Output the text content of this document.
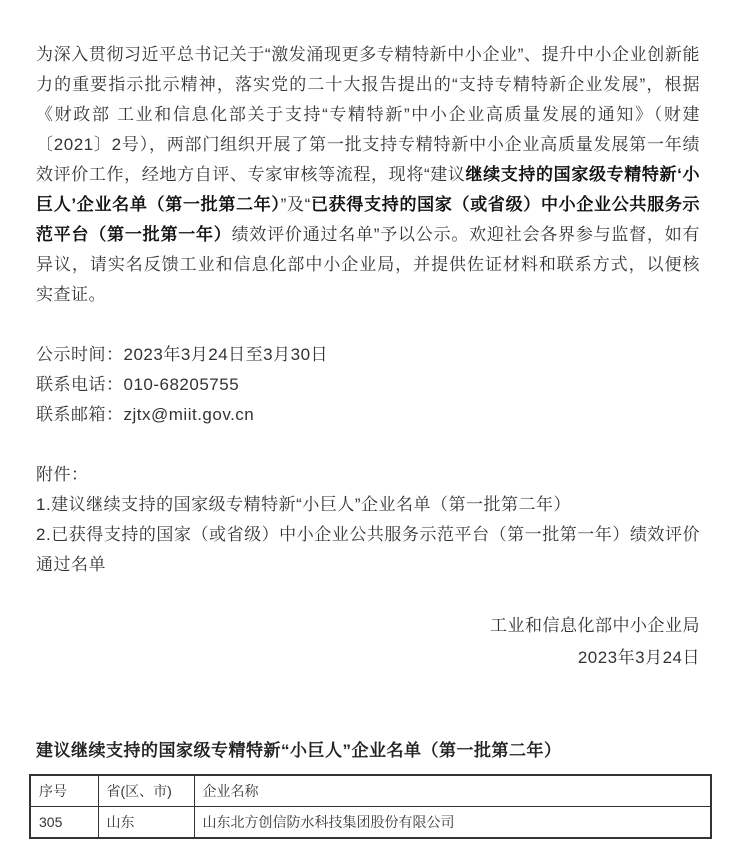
为深入贯彻习近平总书记关于“激发涌现更多专精特新中小企业”、提升中小企业创新能力的重要指示批示精神，落实党的二十大报告提出的“支持专精特新企业发展”，根据《财政部 工业和信息化部关于支持“专精特新”中小企业高质量发展的通知》（财建〔2021〕2号），两部门组织开展了第一批支持专精特新中小企业高质量发展第一年绩效评价工作，经地方自评、专家审核等流程，现将“建议继续支持的国家级专精特新‘小巨人’企业名单（第一批第二年）”及“已获得支持的国家（或省级）中小企业公共服务示范平台（第一批第一年）绩效评价通过名单”予以公示。欢迎社会各界参与监督，如有异议，请实名反馈工业和信息化部中小企业局，并提供佐证材料和联系方式，以便核实查证。

公示时间：2023年3月24日至3月30日
联系电话：010-68205755
联系邮箱：zjtx@miit.gov.cn
附件：
1.建议继续支持的国家级专精特新“小巨人”企业名单（第一批第二年）
2.已获得支持的国家（或省级）中小企业公共服务示范平台（第一批第一年）绩效评价通过名单
工业和信息化部中小企业局
2023年3月24日
建议继续支持的国家级专精特新“小巨人”企业名单（第一批第二年）
序号	省(区、市)	企业名称
305	山东	山东北方创信防水科技集团股份有限公司
